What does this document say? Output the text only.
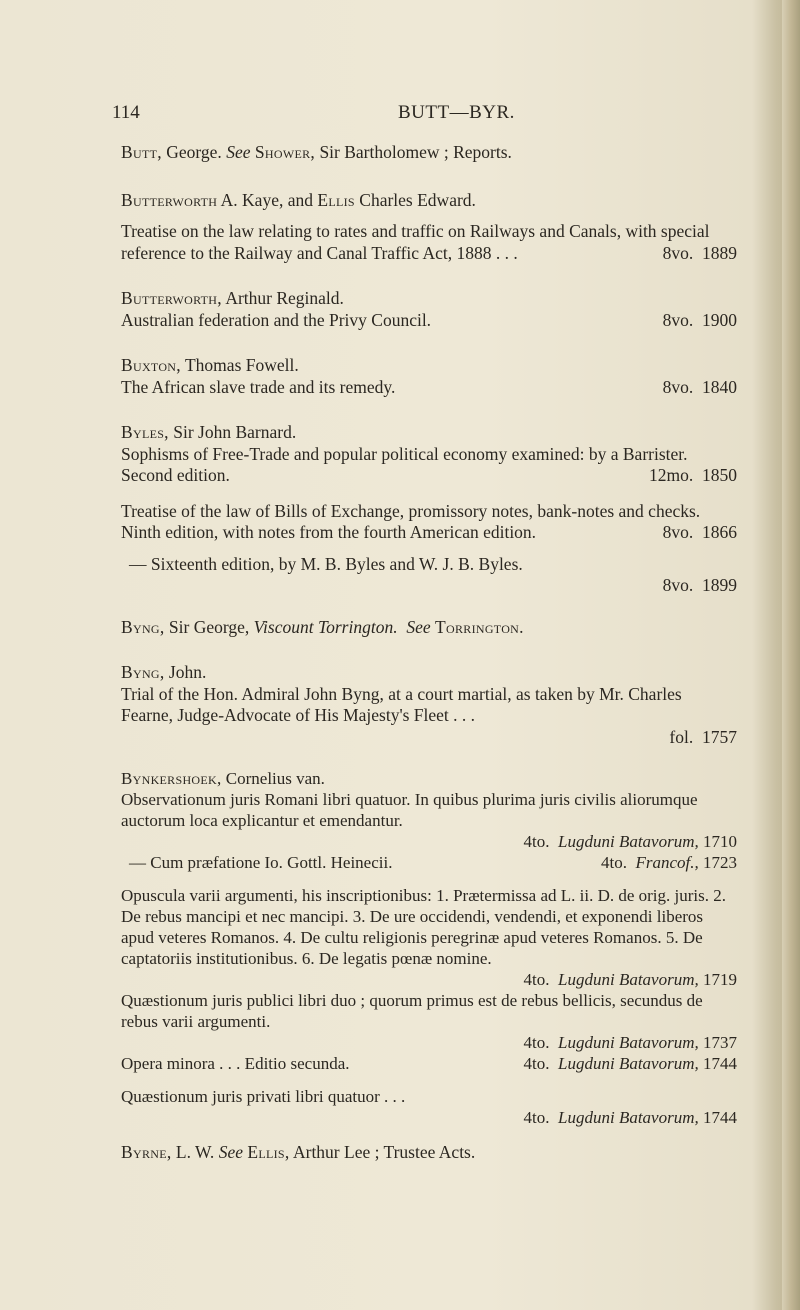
114	BUTT—BYR.

Butt, George. See Shower, Sir Bartholomew ; Reports.

Butterworth A. Kaye, and Ellis Charles Edward.

Treatise on the law relating to rates and traffic on Railways and Canals, with special reference to the Railway and Canal Traffic Act, 1888 . . .	8vo. 1889

Butterworth, Arthur Reginald.

Australian federation and the Privy Council.	8vo. 1900

Buxton, Thomas Fowell.

The African slave trade and its remedy.	8vo. 1840

Byles, Sir John Barnard.

Sophisms of Free-Trade and popular political economy examined: by a Barrister. Second edition.	12mo. 1850
Treatise of the law of Bills of Exchange, promissory notes, bank-notes and checks. Ninth edition, with notes from the fourth American edition.	8vo. 1866
— Sixteenth edition, by M. B. Byles and W. J. B. Byles.
8vo. 1899

Byng, Sir George, Viscount Torrington. See Torrington.

Byng, John.

Trial of the Hon. Admiral John Byng, at a court martial, as taken by Mr. Charles Fearne, Judge-Advocate of His Majesty's Fleet . . .
fol. 1757

Bynkershoek, Cornelius van.

Observationum juris Romani libri quatuor. In quibus plurima juris civilis aliorumque auctorum loca explicantur et emendantur.
4to. Lugduni Batavorum, 1710
— Cum præfatione Io. Gottl. Heinecii.	4to. Francof., 1723
Opuscula varii argumenti, his inscriptionibus: 1. Prætermissa ad L. ii. D. de orig. juris. 2. De rebus mancipi et nec mancipi. 3. De ure occidendi, vendendi, et exponendi liberos apud veteres Romanos. 4. De cultu religionis peregrinæ apud veteres Romanos. 5. De captatoriis institutionibus. 6. De legatis pœnæ nomine.
4to. Lugduni Batavorum, 1719
Quæstionum juris publici libri duo ; quorum primus est de rebus bellicis, secundus de rebus varii argumenti.
4to. Lugduni Batavorum, 1737
Opera minora . . . Editio secunda.	4to. Lugduni Batavorum, 1744
Quæstionum juris privati libri quatuor . . .
4to. Lugduni Batavorum, 1744

Byrne, L. W. See Ellis, Arthur Lee ; Trustee Acts.
